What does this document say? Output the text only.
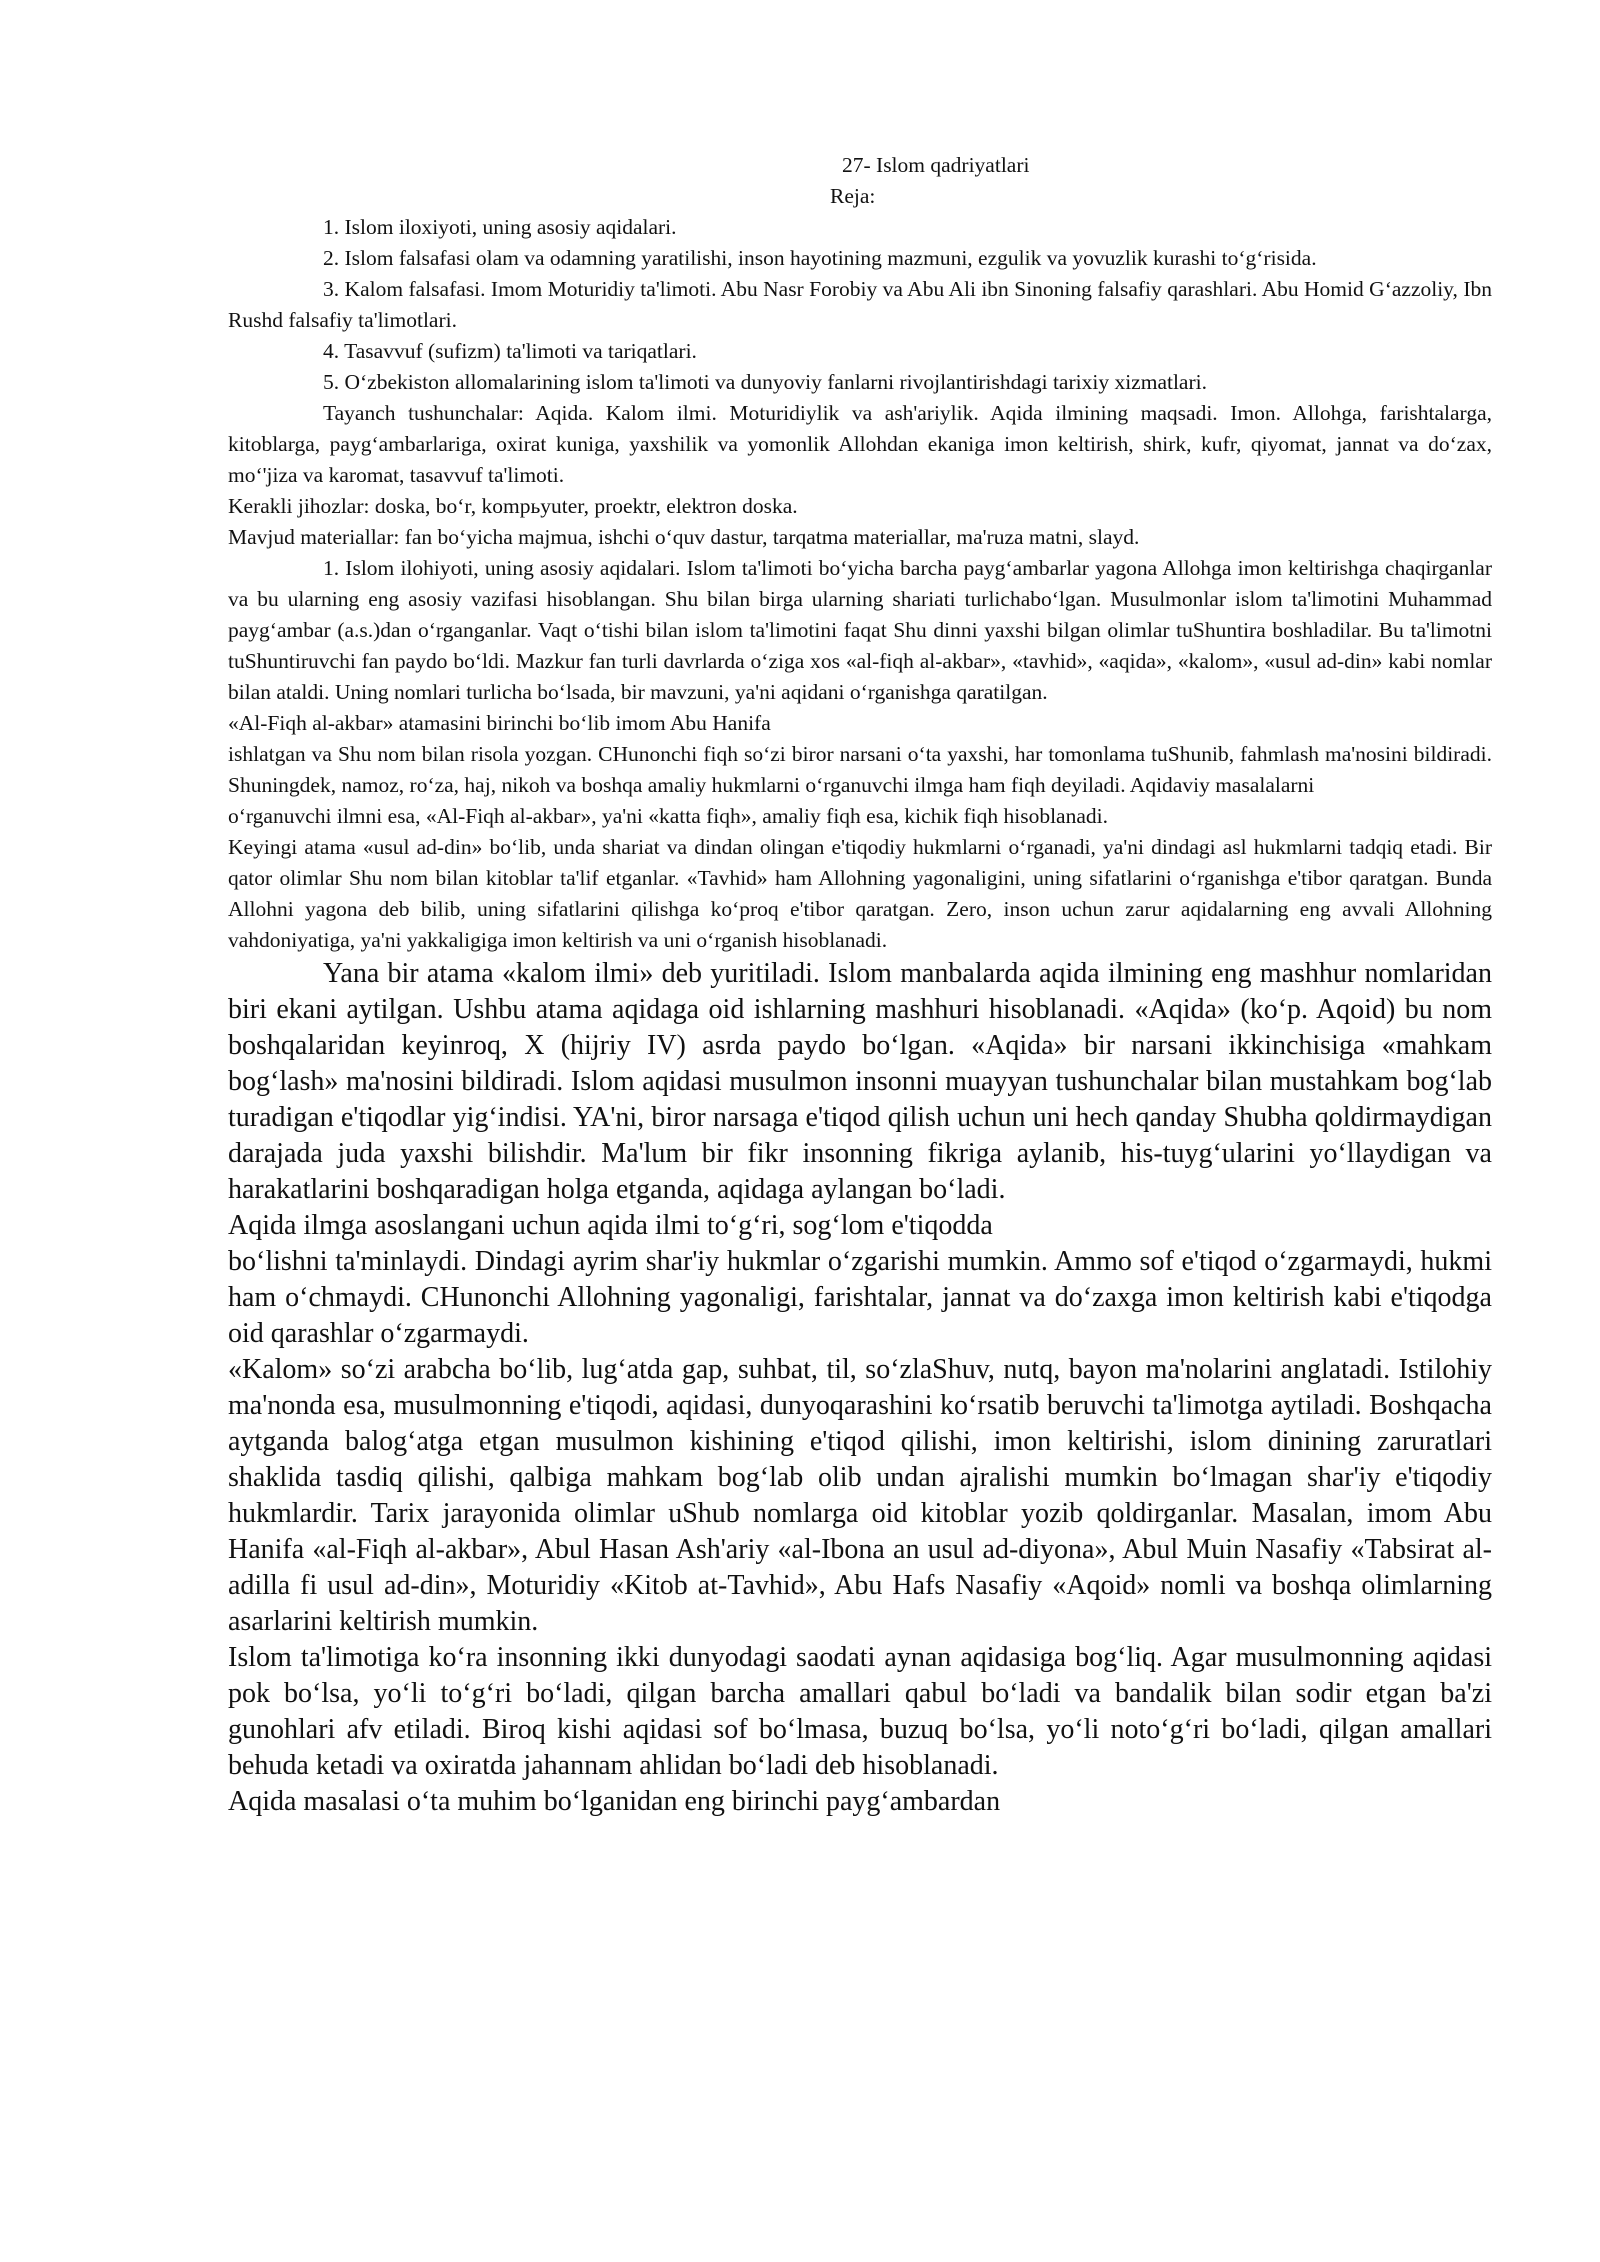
27- Islom qadriyatlari

Reja:

1. Islom iloxiyoti, uning asosiy aqidalari.

2. Islom falsafasi olam va odamning yaratilishi, inson hayotining mazmuni, ezgulik va yovuzlik kurashi to‘g‘risida.

3. Kalom falsafasi. Imom Moturidiy ta'limoti. Abu Nasr Forobiy va Abu Ali ibn Sinoning falsafiy qarashlari. Abu Homid G‘azzoliy, Ibn Rushd falsafiy ta'limotlari.

4. Tasavvuf (sufizm) ta'limoti va tariqatlari.

5. O‘zbekiston allomalarining islom ta'limoti va dunyoviy fanlarni rivojlantirishdagi tarixiy xizmatlari.

Tayanch tushunchalar: Aqida. Kalom ilmi. Moturidiylik va ash'ariylik. Aqida ilmining maqsadi. Imon. Allohga, farishtalarga, kitoblarga, payg‘ambarlariga, oxirat kuniga, yaxshilik va yomonlik Allohdan ekaniga imon keltirish, shirk, kufr, qiyomat, jannat va do‘zax, mo‘'jiza va karomat, tasavvuf ta'limoti.

Kerakli jihozlar: doska, bo‘r, kompьyuter, proektr, elektron doska.

Mavjud materiallar: fan bo‘yicha majmua, ishchi o‘quv dastur, tarqatma materiallar, ma'ruza matni, slayd.

1. Islom ilohiyoti, uning asosiy aqidalari. Islom ta'limoti bo‘yicha barcha payg‘ambarlar yagona Allohga imon keltirishga chaqirganlar va bu ularning eng asosiy vazifasi hisoblangan. Shu bilan birga ularning shariati turlichabo‘lgan. Musulmonlar islom ta'limotini Muhammad payg‘ambar (a.s.)dan o‘rganganlar. Vaqt o‘tishi bilan islom ta'limotini faqat Shu dinni yaxshi bilgan olimlar tuShuntira boshladilar. Bu ta'limotni tuShuntiruvchi fan paydo bo‘ldi. Mazkur fan turli davrlarda o‘ziga xos «al-fiqh al-akbar», «tavhid», «aqida», «kalom», «usul ad-din» kabi nomlar bilan ataldi. Uning nomlari turlicha bo‘lsada, bir mavzuni, ya'ni aqidani o‘rganishga qaratilgan.

«Al-Fiqh al-akbar» atamasini birinchi bo‘lib imom Abu Hanifa

ishlatgan va Shu nom bilan risola yozgan. CHunonchi fiqh so‘zi biror narsani o‘ta yaxshi, har tomonlama tuShunib, fahmlash ma'nosini bildiradi. Shuningdek, namoz, ro‘za, haj, nikoh va boshqa amaliy hukmlarni o‘rganuvchi ilmga ham fiqh deyiladi. Aqidaviy masalalarni

o‘rganuvchi ilmni esa, «Al-Fiqh al-akbar», ya'ni «katta fiqh», amaliy fiqh esa, kichik fiqh hisoblanadi.

Keyingi atama «usul ad-din» bo‘lib, unda shariat va dindan olingan e'tiqodiy hukmlarni o‘rganadi, ya'ni dindagi asl hukmlarni tadqiq etadi. Bir qator olimlar Shu nom bilan kitoblar ta'lif etganlar. «Tavhid» ham Allohning yagonaligini, uning sifatlarini o‘rganishga e'tibor qaratgan. Bunda Allohni yagona deb bilib, uning sifatlarini qilishga ko‘proq e'tibor qaratgan. Zero, inson uchun zarur aqidalarning eng avvali Allohning vahdoniyatiga, ya'ni yakkaligiga imon keltirish va uni o‘rganish hisoblanadi.

Yana bir atama «kalom ilmi» deb yuritiladi. Islom manbalarda aqida ilmining eng mashhur nomlaridan biri ekani aytilgan. Ushbu atama aqidaga oid ishlarning mashhuri hisoblanadi. «Aqida» (ko‘p. Aqoid) bu nom boshqalaridan keyinroq, X (hijriy IV) asrda paydo bo‘lgan. «Aqida» bir narsani ikkinchisiga «mahkam bog‘lash» ma'nosini bildiradi. Islom aqidasi musulmon insonni muayyan tushunchalar bilan mustahkam bog‘lab turadigan e'tiqodlar yig‘indisi. YA'ni, biror narsaga e'tiqod qilish uchun uni hech qanday Shubha qoldirmaydigan darajada juda yaxshi bilishdir. Ma'lum bir fikr insonning fikriga aylanib, his-tuyg‘ularini yo‘llaydigan va harakatlarini boshqaradigan holga etganda, aqidaga aylangan bo‘ladi.

Aqida ilmga asoslangani uchun aqida ilmi to‘g‘ri, sog‘lom e'tiqodda

bo‘lishni ta'minlaydi. Dindagi ayrim shar'iy hukmlar o‘zgarishi mumkin. Ammo sof e'tiqod o‘zgarmaydi, hukmi ham o‘chmaydi. CHunonchi Allohning yagonaligi, farishtalar, jannat va do‘zaxga imon keltirish kabi e'tiqodga oid qarashlar o‘zgarmaydi.

«Kalom» so‘zi arabcha bo‘lib, lug‘atda gap, suhbat, til, so‘zlaShuv, nutq, bayon ma'nolarini anglatadi. Istilohiy ma'nonda esa, musulmonning e'tiqodi, aqidasi, dunyoqarashini ko‘rsatib beruvchi ta'limotga aytiladi. Boshqacha aytganda balog‘atga etgan musulmon kishining e'tiqod qilishi, imon keltirishi, islom dinining zaruratlari shaklida tasdiq qilishi, qalbiga mahkam bog‘lab olib undan ajralishi mumkin bo‘lmagan shar'iy e'tiqodiy hukmlardir. Tarix jarayonida olimlar uShub nomlarga oid kitoblar yozib qoldirganlar. Masalan, imom Abu Hanifa «al-Fiqh al-akbar», Abul Hasan Ash'ariy «al-Ibona an usul ad-diyona», Abul Muin Nasafiy «Tabsirat al-adilla fi usul ad-din», Moturidiy «Kitob at-Tavhid», Abu Hafs Nasafiy «Aqoid» nomli va boshqa olimlarning asarlarini keltirish mumkin.

Islom ta'limotiga ko‘ra insonning ikki dunyodagi saodati aynan aqidasiga bog‘liq. Agar musulmonning aqidasi pok bo‘lsa, yo‘li to‘g‘ri bo‘ladi, qilgan barcha amallari qabul bo‘ladi va bandalik bilan sodir etgan ba'zi gunohlari afv etiladi. Biroq kishi aqidasi sof bo‘lmasa, buzuq bo‘lsa, yo‘li noto‘g‘ri bo‘ladi, qilgan amallari behuda ketadi va oxiratda jahannam ahlidan bo‘ladi deb hisoblanadi.

Aqida masalasi o‘ta muhim bo‘lganidan eng birinchi payg‘ambardan
